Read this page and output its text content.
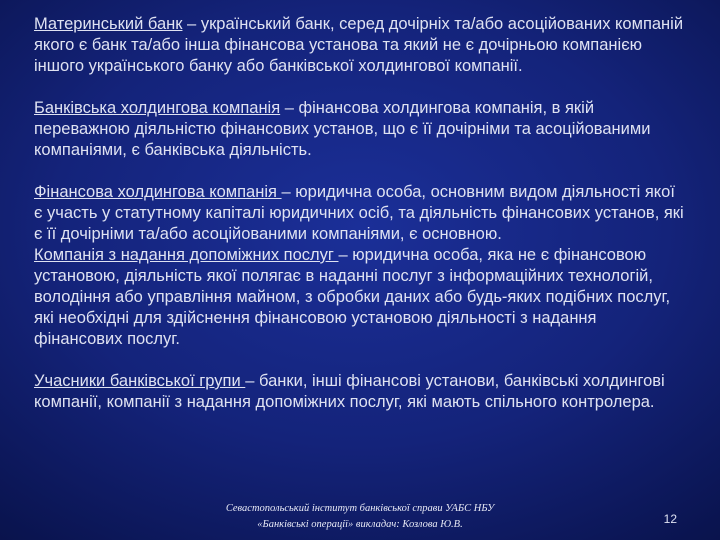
Материнський банк – український банк, серед дочірніх та/або асоційованих компаній якого є банк та/або інша фінансова установа та який не є дочірньою компанією іншого українського банку або банківської холдингової компанії.

Банківська холдингова компанія – фінансова холдингова компанія, в якій переважною діяльністю фінансових установ, що є її дочірніми та асоційованими компаніями, є банківська діяльність.

Фінансова холдингова компанія – юридична особа, основним видом діяльності якої є участь у статутному капіталі юридичних осіб, та діяльність фінансових установ, які є її дочірніми та/або асоційованими компаніями, є основною.

Компанія з надання допоміжних послуг – юридична особа, яка не є фінансовою установою, діяльність якої полягає в наданні послуг з інформаційних технологій, володіння або управління майном, з обробки даних або будь-яких подібних послуг, які необхідні для здійснення фінансовою установою діяльності з надання фінансових послуг.

Учасники банківської групи – банки, інші фінансові установи, банківські холдингові компанії, компанії з надання допоміжних послуг, які мають спільного контролера.

Севастопольський інститут банківської справи УАБС НБУ
«Банківські операції» викладач: Козлова Ю.В.	12
